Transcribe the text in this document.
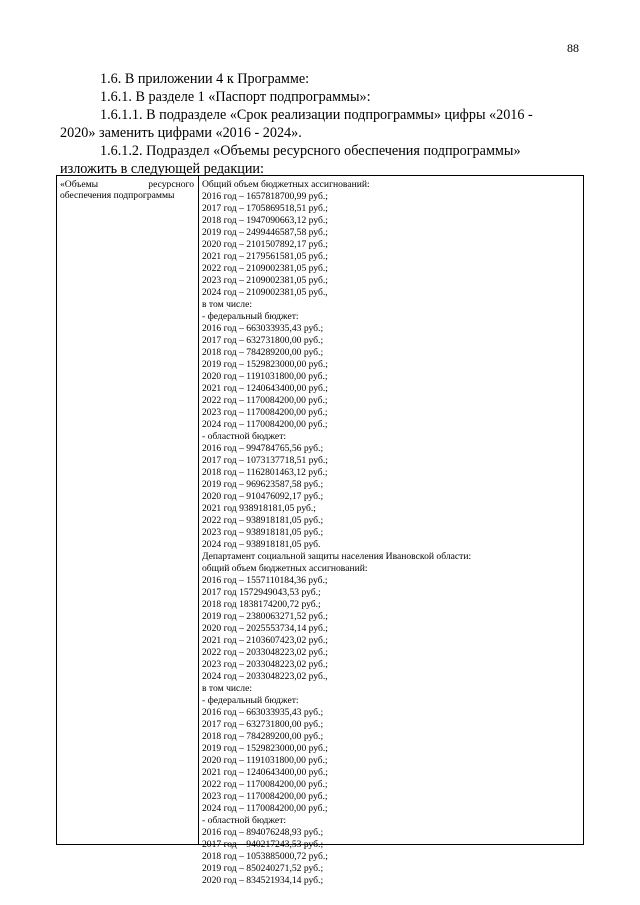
88
1.6. В приложении 4 к Программе:
1.6.1. В разделе 1 «Паспорт подпрограммы»:
1.6.1.1. В подразделе «Срок реализации подпрограммы» цифры «2016 -
2020» заменить цифрами «2016 - 2024».
1.6.1.2. Подраздел «Объемы ресурсного обеспечения подпрограммы»
изложить в следующей редакции:
«Объемы	ресурсного
обеспечения подпрограммы
Общий объем бюджетных ассигнований:
2016 год – 1657818700,99 руб.;
2017 год – 1705869518,51 руб.;
2018 год – 1947090663,12 руб.;
2019 год – 2499446587,58 руб.;
2020 год – 2101507892,17 руб.;
2021 год – 2179561581,05 руб.;
2022 год – 2109002381,05 руб.;
2023 год – 2109002381,05 руб.;
2024 год – 2109002381,05 руб.,
в том числе:
- федеральный бюджет:
2016 год – 663033935,43 руб.;
2017 год – 632731800,00 руб.;
2018 год – 784289200,00 руб.;
2019 год – 1529823000,00 руб.;
2020 год – 1191031800,00 руб.;
2021 год – 1240643400,00 руб.;
2022 год – 1170084200,00 руб.;
2023 год – 1170084200,00 руб.;
2024 год – 1170084200,00 руб.;
- областной бюджет:
2016 год – 994784765,56 руб.;
2017 год – 1073137718,51 руб.;
2018 год – 1162801463,12 руб.;
2019 год – 969623587,58 руб.;
2020 год – 910476092,17 руб.;
2021 год 938918181,05 руб.;
2022 год – 938918181,05 руб.;
2023 год – 938918181,05 руб.;
2024 год – 938918181,05 руб.
Департамент социальной защиты населения Ивановской области:
общий объем бюджетных ассигнований:
2016 год – 1557110184,36 руб.;
2017 год 1572949043,53 руб.;
2018 год 1838174200,72 руб.;
2019 год – 2380063271,52 руб.;
2020 год – 2025553734,14 руб.;
2021 год – 2103607423,02 руб.;
2022 год – 2033048223,02 руб.;
2023 год – 2033048223,02 руб.;
2024 год – 2033048223,02 руб.,
в том числе:
- федеральный бюджет:
2016 год – 663033935,43 руб.;
2017 год – 632731800,00 руб.;
2018 год – 784289200,00 руб.;
2019 год – 1529823000,00 руб.;
2020 год – 1191031800,00 руб.;
2021 год – 1240643400,00 руб.;
2022 год – 1170084200,00 руб.;
2023 год – 1170084200,00 руб.;
2024 год – 1170084200,00 руб.;
- областной бюджет:
2016 год – 894076248,93 руб.;
2017 год – 940217243,53 руб.;
2018 год – 1053885000,72 руб.;
2019 год – 850240271,52 руб.;
2020 год – 834521934,14 руб.;
